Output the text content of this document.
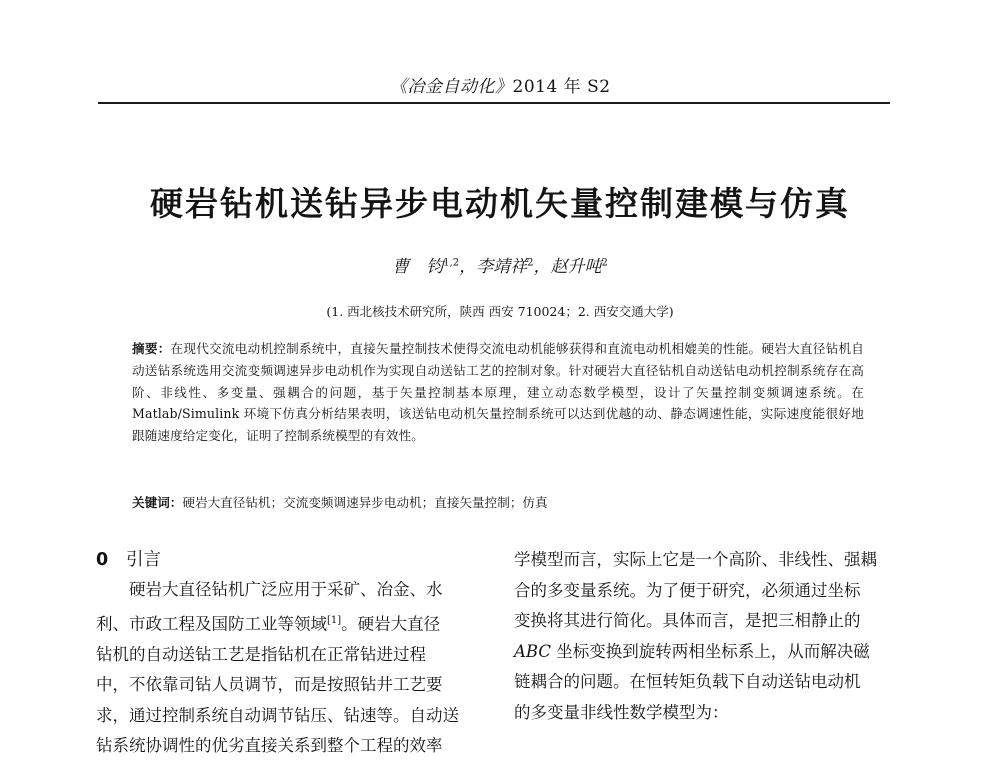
《冶金自动化》2014 年 S2
硬岩钻机送钻异步电动机矢量控制建模与仿真
曹　钧$^{1,2}$，李靖祥$^2$，赵升吨$^2$
(1. 西北核技术研究所，陕西 西安 710024；2. 西安交通大学)
摘要：在现代交流电动机控制系统中，直接矢量控制技术使得交流电动机能够获得和直流电动机相媲美的性能。硬岩大直径钻机自动送钻系统选用交流变频调速异步电动机作为实现自动送钻工艺的控制对象。针对硬岩大直径钻机自动送钻电动机控制系统存在高阶、非线性、多变量、强耦合的问题，基于矢量控制基本原理，建立动态数学模型，设计了矢量控制变频调速系统。在 Matlab/Simulink 环境下仿真分析结果表明，该送钻电动机矢量控制系统可以达到优越的动、静态调速性能，实际速度能很好地跟随速度给定变化，证明了控制系统模型的有效性。
关键词：硬岩大直径钻机；交流变频调速异步电动机；直接矢量控制；仿真
0 引言
硬岩大直径钻机广泛应用于采矿、冶金、水
利、市政工程及国防工业等领域[1]。硬岩大直径
钻机的自动送钻工艺是指钻机在正常钻进过程
中，不依靠司钻人员调节，而是按照钻井工艺要
求，通过控制系统自动调节钻压、钻速等。自动送
钻系统协调性的优劣直接关系到整个工程的效率
学模型而言，实际上它是一个高阶、非线性、强耦
合的多变量系统。为了便于研究，必须通过坐标
变换将其进行简化。具体而言，是把三相静止的
ABC 坐标变换到旋转两相坐标系上，从而解决磁
链耦合的问题。在恒转矩负载下自动送钻电动机
的多变量非线性数学模型为：
